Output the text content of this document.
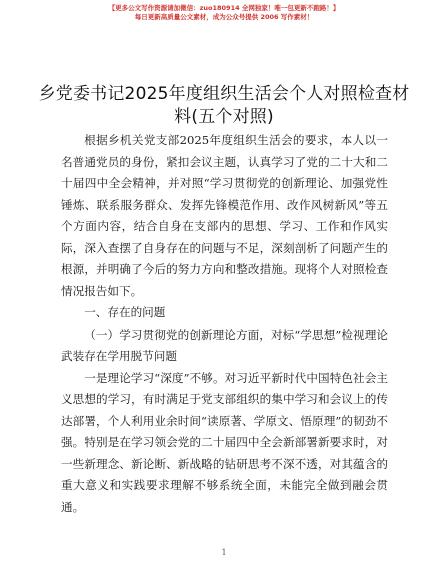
【更多公文写作资源请加微信：zuo180914 全网独家！唯一包更新不跑路！】
每日更新高质量公文素材，成为公众号提供 2006 写作素材！
乡党委书记2025年度组织生活会个人对照检查材料(五个对照)

根据乡机关党支部2025年度组织生活会的要求，本人以一名普通党员的身份，紧扣会议主题，认真学习了党的二十大和二十届四中全会精神，并对照“学习贯彻党的创新理论、加强党性锤炼、联系服务群众、发挥先锋模范作用、改作风树新风”等五个方面内容，结合自身在支部内的思想、学习、工作和作风实际，深入查摆了自身存在的问题与不足，深刻剖析了问题产生的根源，并明确了今后的努力方向和整改措施。现将个人对照检查情况报告如下。

一、存在的问题

（一）学习贯彻党的创新理论方面，对标“学思想”检视理论武装存在学用脱节问题

一是理论学习“深度”不够。对习近平新时代中国特色社会主义思想的学习，有时满足于党支部组织的集中学习和会议上的传达部署，个人利用业余时间“读原著、学原文、悟原理”的韧劲不强。特别是在学习领会党的二十届四中全会新部署新要求时，对一些新理念、新论断、新战略的钻研思考不深不透，对其蕴含的重大意义和实践要求理解不够系统全面，未能完全做到融会贯通。

1
